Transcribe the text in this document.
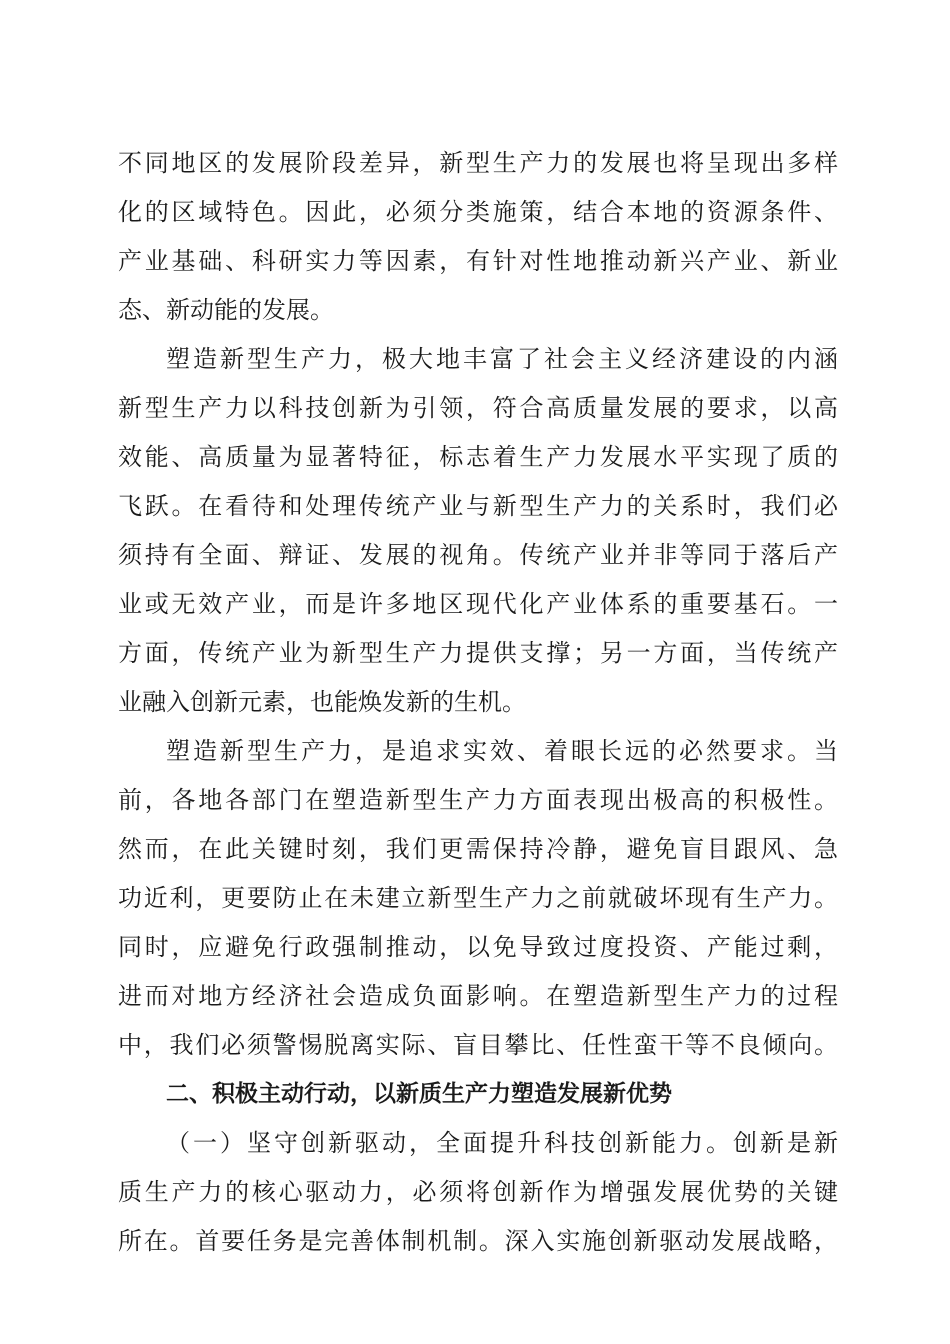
不同地区的发展阶段差异，新型生产力的发展也将呈现出多样
化的区域特色。因此，必须分类施策，结合本地的资源条件、
产业基础、科研实力等因素，有针对性地推动新兴产业、新业
态、新动能的发展。
塑造新型生产力，极大地丰富了社会主义经济建设的内涵
新型生产力以科技创新为引领，符合高质量发展的要求，以高
效能、高质量为显著特征，标志着生产力发展水平实现了质的
飞跃。在看待和处理传统产业与新型生产力的关系时，我们必
须持有全面、辩证、发展的视角。传统产业并非等同于落后产
业或无效产业，而是许多地区现代化产业体系的重要基石。一
方面，传统产业为新型生产力提供支撑；另一方面，当传统产
业融入创新元素，也能焕发新的生机。
塑造新型生产力，是追求实效、着眼长远的必然要求。当
前，各地各部门在塑造新型生产力方面表现出极高的积极性。
然而，在此关键时刻，我们更需保持冷静，避免盲目跟风、急
功近利，更要防止在未建立新型生产力之前就破坏现有生产力。
同时，应避免行政强制推动，以免导致过度投资、产能过剩，
进而对地方经济社会造成负面影响。在塑造新型生产力的过程
中，我们必须警惕脱离实际、盲目攀比、任性蛮干等不良倾向。
二、积极主动行动，以新质生产力塑造发展新优势
（一）坚守创新驱动，全面提升科技创新能力。创新是新
质生产力的核心驱动力，必须将创新作为增强发展优势的关键
所在。首要任务是完善体制机制。深入实施创新驱动发展战略，
